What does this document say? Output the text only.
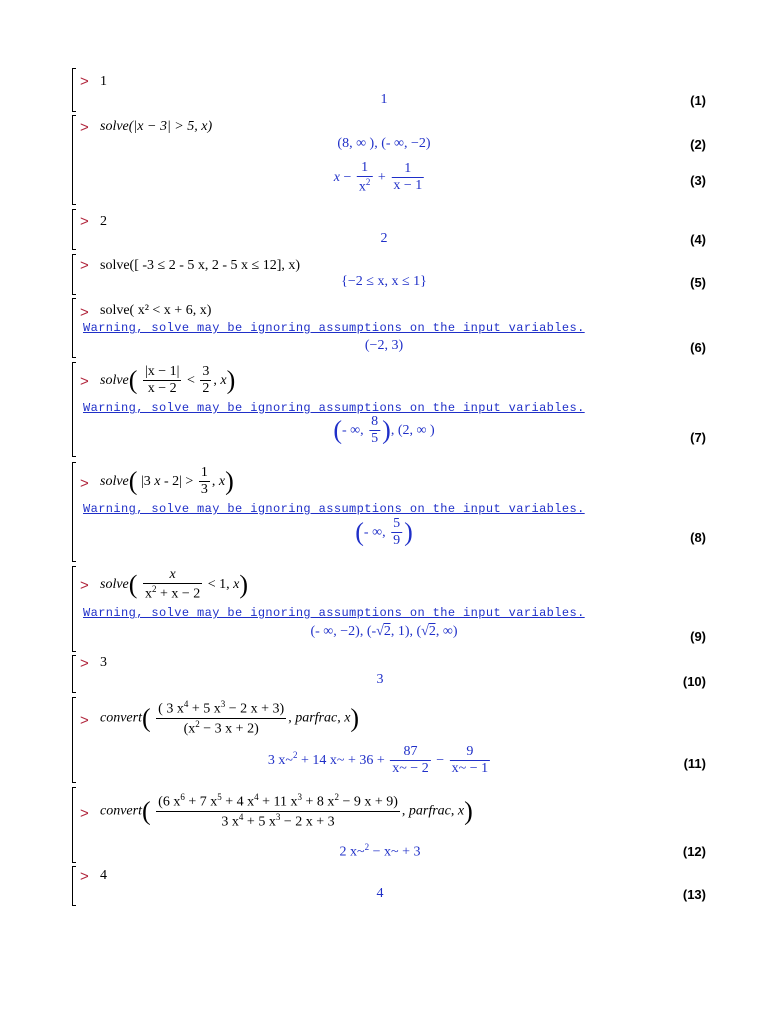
> 1
1	(1)
> solve(|x − 3| > 5, x)
(8, ∞ ), (- ∞, −2)	(2)
$x - \frac{1}{x^2} + \frac{1}{x - 1}$	(3)
> 2
2	(4)
> solve([ -3 ≤ 2 - 5 x, 2 - 5 x ≤ 12], x)
{−2 ≤ x, x ≤ 1}	(5)
> solve( x² < x + 6, x)
Warning, solve may be ignoring assumptions on the input variables.
(−2, 3)	(6)
> solve( $\frac{|x - 1|}{x - 2} < \frac{3}{2}$ , x)
Warning, solve may be ignoring assumptions on the input variables.
(- ∞, $\frac{8}{5}$ ), (2, ∞ )	(7)
> solve( |3 $x - 2| > \frac{1}{3}$ , x)
Warning, solve may be ignoring assumptions on the input variables.
(- ∞, $\frac{5}{9}$ )	(8)
> solve( $\frac{x}{x^2 + x - 2} < 1$, x)
Warning, solve may be ignoring assumptions on the input variables.
(- ∞, −2), (-√2, 1), (√2, ∞)	(9)
> 3
3	(10)
> convert( $\frac{( 3 x^4 + 5 x^3 - 2 x + 3)}{(x^2 - 3 x + 2)}$ , parfrac, x)
3 x~$^2$ + 14 x~ + $36 + \frac{87}{x\sim - 2} - \frac{9}{x\sim - 1}$	(11)
> convert( $\frac{(6 x^6 + 7 x^5 + 4 x^4 + 11 x^3 + 8 x^2 - 9 x + 9)}{3 x^4 + 5 x^3 - 2 x + 3}$ , parfrac, x)
2 x~$^2$ − x~ + 3	(12)
> 4
4	(13)
